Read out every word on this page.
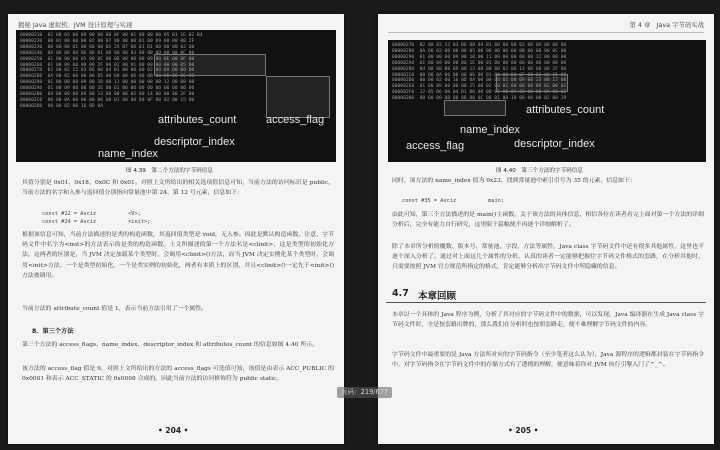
揭秘 Java 虚拟机：JVM 设计原理与实现
00000210  02 00 03 00 09 00 00 00 0F 00 01 00 00 00 05 01 1E 82 B4
00000220  00 01 00 00 00 02 00 07 00 08 00 01 00 09 00 00 00 2F
00000230  00 00 00 01 00 00 00 05 2A B7 00 01 B1 00 00 00 02 00
00000240  0A 00 00 00 06 00 01 00 00 00 03 00 0B 00 00 00 0C 00
00000250  01 00 00 00 05 00 0C 00 0D 00 00 00 09 00 0E 00 0F 00
00000260  01 00 09 00 00 00 2F 00 02 00 01 00 00 00 00 00 05 00
00000270  B2 00 02 12 03 B6 00 04 B1 00 00 00 02 00 0A 00 00 00
00000280  0A 00 02 00 00 00 05 00 08 00 06 00 0B 00 00 00 0C 00
00000290  01 00 00 00 09 00 10 00 11 00 00 00 08 00 12 00 08 00
000002A0  01 00 09 00 00 00 1E 00 01 00 00 00 00 00 06 00 00 00
000002B0  04 00 00 00 09 00 13 00 00 00 02 00 14 00 00 00 2F 00
000002C0  00 00 0A 00 00 00 06 00 01 00 00 00 0F 00 02 00 15 00
000002D0  00 00 02 00 16 0D 0A
attributes_count	access_flag
descriptor_index
name_index
图 4.39　第二个方法的字节码信息
其值分别是 0x01、0x18、0x0C 和 0x01。对照上文所给出的相关选项值信息可知，当前方法的访问标识是 public，当前方法的名字和入参与返回值分别指向常量池中第 24、第 12 号元素，信息如下：
const #12 = Asciz          <V>;
const #24 = Asciz          <init>;
根据该信息可知，当前方法描述的是类的构造函数，其返回值类型是 void，无入参。因此是默认构造函数。注意，字节码文件中名字为<init>的方法表示的是类的构造函数。上文所描述的第一个方法名是<clinit>，这是类型的初始化方法。这两者的区别是，当 JVM 决定加载某个类型时，会调用<clinit>()方法，而当 JVM 决定实例化某个类型时，会调用<init>方法。一个是类型初始化，一个是类实例的初始化，两者有本质上的区别，并且<clinit>()一定先于<init>()方法被调用。
当前方法的 attribute_count 值是 1，表示当前方法引用了一个属性。
8．第三个方法
第三个方法的 access_flags、name_index、descriptor_index 和 attributes_count 的信息如图 4.40 所示。
该方法的 access_flag 值是 9，对照上文所给出的方法的 access_flags 可选值可知，该值是由表示 ACC_PUBLIC 的 0x0001 和表示 ACC_STATIC 的 0x0008 合成的。因此当前方法的访问修饰符为 public static。
• 204 •
第 4 章 Java 字节码实战
00000270  B2 00 02 12 03 B6 00 04 B1 00 00 00 02 00 0A 00 00 00
00000280  0A 00 02 00 00 00 05 00 08 00 06 00 0B 00 00 00 0C 00
00000290  01 00 00 00 09 00 10 00 11 00 00 00 08 00 12 00 08 00
000002A0  01 00 09 00 00 00 1E 00 01 00 00 00 00 00 06 00 00 00
000002B0  04 00 00 00 09 00 13 00 00 00 02 00 14 00 00 00 2F 00
000002C0  00 00 0A 00 00 00 06 00 01 00 00 00 0F 00 02 00 15 00
000002D0  00 00 02 00 16 0D 0A 00 00 00 01 00 09 00 23 00 17 00
000002E0  01 00 09 00 00 00 25 00 02 00 01 00 00 00 09 B2 00 02
000002F0  12 05 B6 00 04 B1 00 00 00 01 00 0A 00 00 00 0A 00 02
00000300  00 00 00 0B 00 08 00 0C 00 01 00 18 00 00 00 02 00 19
attributes_count
name_index
access_flag	descriptor_index
图 4.40　第三个方法的字节码信息
同时，该方法的 name_index 值为 0x23，找到常量池中索引引号为 35 的元素，信息如下：
const #35 = Asciz          main;
由此可知，第三个方法描述的是 main()主函数。关于该方法的具体信息，相信各位在读者看完上面对第一个方法的详细分析后，完全有能力自行研究，这里限于篇幅便不再逐个详细解析了。
除了本章所分析的魔数、版本号、常量池、字段、方法等属性，Java class 字节码文件中还有很多其他属性，这里也不逐个深入分析了。通过对上面这几个属性的分析，认真的读者一定能够把握住字节码文件格式的套路，在分析其他时，只需要按照 JVM 官方规范所指定的格式，肯定能够分析出字节码文件中所隐藏的信息。
4.7 本章回顾
本章以一个具体的 Java 程序为例，分析了其对应的字节码文件中的数据，可以发现，Java 编译器在生成 Java class 字节码文件时，全是按套路出牌的，那么我们在分析时也按照套路走，便不难理解字节码文件的内容。
字节码文件中最重要的是 Java 方法所对应的字节码指令（至少笔者这么认为），Java 源程序的逻辑都封装在字节码指令中，对字节码指令在字节码文件中的存储方式有了透彻的理解，便意味着你对 JVM 执行引擎入门了^_^。
• 205 •
页码：219/677
